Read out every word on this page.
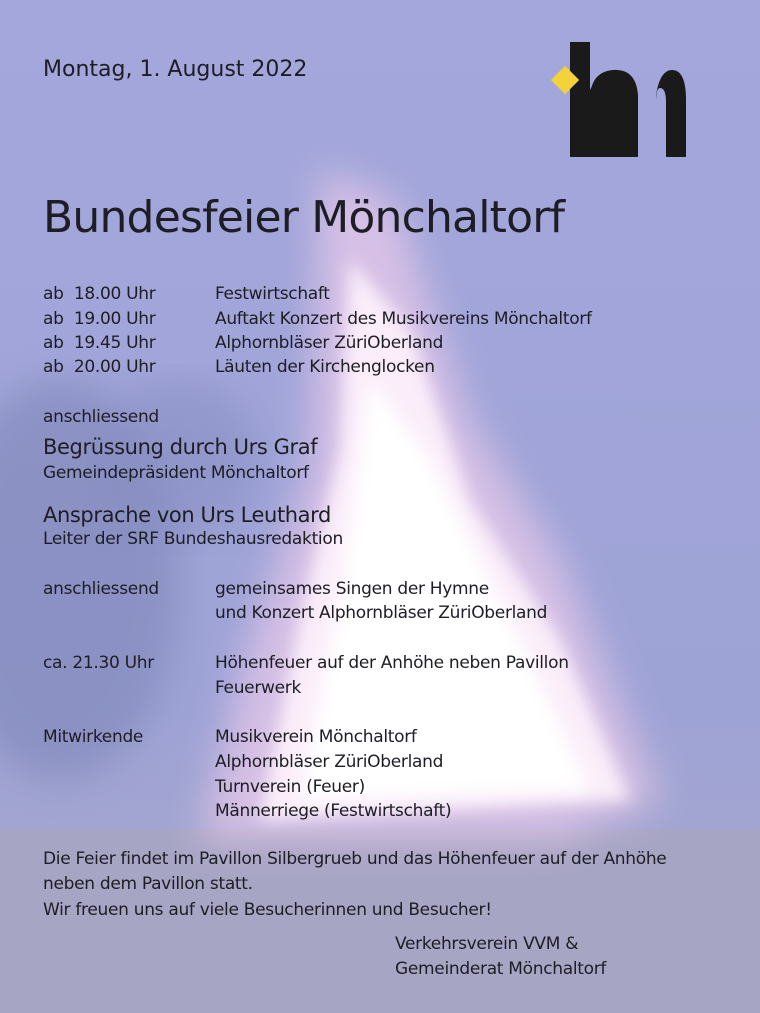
Montag, 1. August 2022
Bundesfeier Mönchaltorf
ab  18.00 Uhr	Festwirtschaft
ab  19.00 Uhr	Auftakt Konzert des Musikvereins Mönchaltorf
ab  19.45 Uhr	Alphornbläser ZüriOberland
ab  20.00 Uhr	Läuten der Kirchenglocken
anschliessend
Begrüssung durch Urs Graf
Gemeindepräsident Mönchaltorf
Ansprache von Urs Leuthard
Leiter der SRF Bundeshausredaktion
anschliessend	gemeinsames Singen der Hymne
und Konzert Alphornbläser ZüriOberland
ca. 21.30 Uhr	Höhenfeuer auf der Anhöhe neben Pavillon
Feuerwerk
Mitwirkende	Musikverein Mönchaltorf
Alphornbläser ZüriOberland
Turnverein (Feuer)
Männerriege (Festwirtschaft)
Die Feier findet im Pavillon Silbergrueb und das Höhenfeuer auf der Anhöhe
neben dem Pavillon statt.
Wir freuen uns auf viele Besucherinnen und Besucher!
Verkehrsverein VVM &
Gemeinderat Mönchaltorf
